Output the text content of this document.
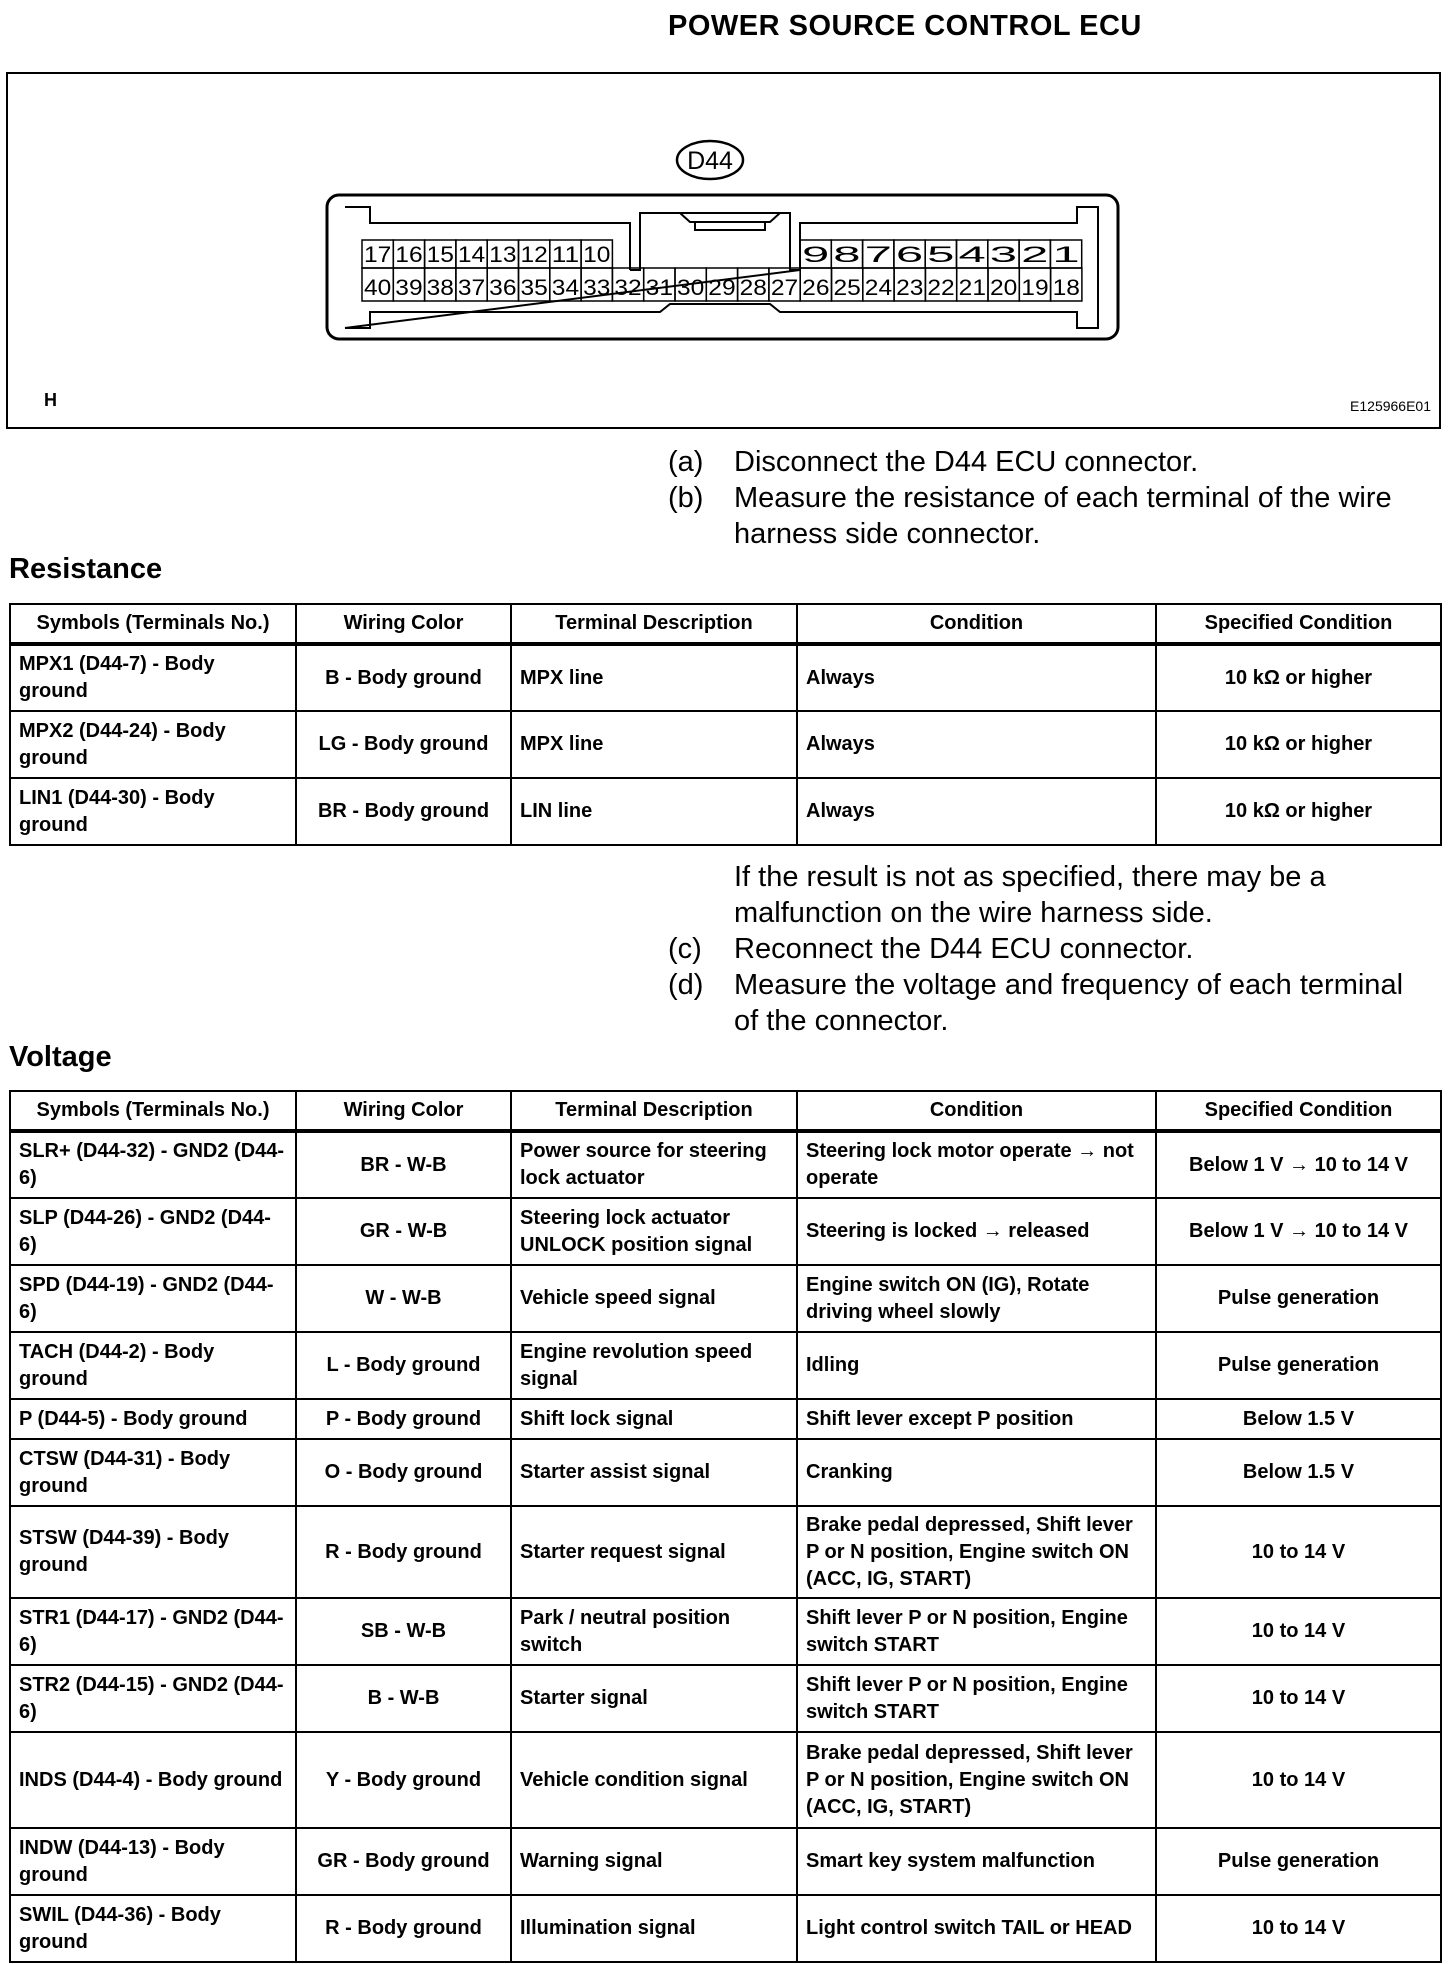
POWER SOURCE CONTROL ECU
D44
17 16 15 14 13 12 11 10	9 8 7 6 5 4 3 2 1
40 39 38 37 36 35 34 33 32 31 30 29 28 27 26 25 24 23 22 21 20 19 18
H	E125966E01
(a) Disconnect the D44 ECU connector.
(b) Measure the resistance of each terminal of the wire harness side connector.
Resistance
Symbols (Terminals No.)	Wiring Color	Terminal Description	Condition	Specified Condition
MPX1 (D44-7) - Body ground	B - Body ground	MPX line	Always	10 kΩ or higher
MPX2 (D44-24) - Body ground	LG - Body ground	MPX line	Always	10 kΩ or higher
LIN1 (D44-30) - Body ground	BR - Body ground	LIN line	Always	10 kΩ or higher
If the result is not as specified, there may be a malfunction on the wire harness side.
(c) Reconnect the D44 ECU connector.
(d) Measure the voltage and frequency of each terminal of the connector.
Voltage
Symbols (Terminals No.)	Wiring Color	Terminal Description	Condition	Specified Condition
SLR+ (D44-32) - GND2 (D44-6)	BR - W-B	Power source for steering lock actuator	Steering lock motor operate → not operate	Below 1 V → 10 to 14 V
SLP (D44-26) - GND2 (D44-6)	GR - W-B	Steering lock actuator UNLOCK position signal	Steering is locked → released	Below 1 V → 10 to 14 V
SPD (D44-19) - GND2 (D44-6)	W - W-B	Vehicle speed signal	Engine switch ON (IG), Rotate driving wheel slowly	Pulse generation
TACH (D44-2) - Body ground	L - Body ground	Engine revolution speed signal	Idling	Pulse generation
P (D44-5) - Body ground	P - Body ground	Shift lock signal	Shift lever except P position	Below 1.5 V
CTSW (D44-31) - Body ground	O - Body ground	Starter assist signal	Cranking	Below 1.5 V
STSW (D44-39) - Body ground	R - Body ground	Starter request signal	Brake pedal depressed, Shift lever P or N position, Engine switch ON (ACC, IG, START)	10 to 14 V
STR1 (D44-17) - GND2 (D44-6)	SB - W-B	Park / neutral position switch	Shift lever P or N position, Engine switch START	10 to 14 V
STR2 (D44-15) - GND2 (D44-6)	B - W-B	Starter signal	Shift lever P or N position, Engine switch START	10 to 14 V
INDS (D44-4) - Body ground	Y - Body ground	Vehicle condition signal	Brake pedal depressed, Shift lever P or N position, Engine switch ON (ACC, IG, START)	10 to 14 V
INDW (D44-13) - Body ground	GR - Body ground	Warning signal	Smart key system malfunction	Pulse generation
SWIL (D44-36) - Body ground	R - Body ground	Illumination signal	Light control switch TAIL or HEAD	10 to 14 V
